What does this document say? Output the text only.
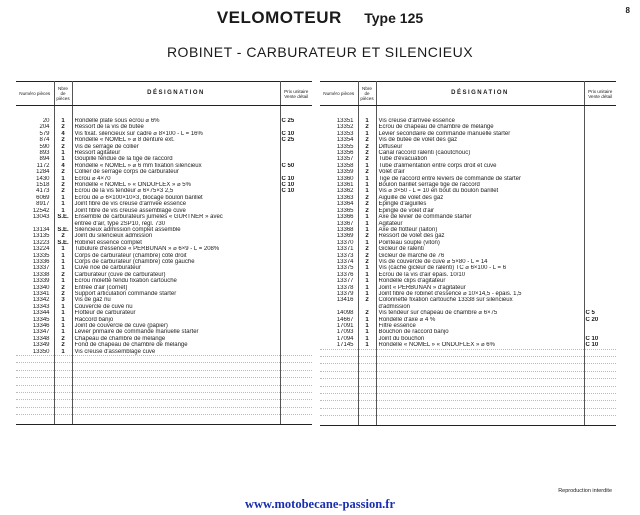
8
VELOMOTEUR Type 125
ROBINET - CARBURATEUR ET SILENCIEUX
Numéro pièces	Nbre de pièces	DÉSIGNATION	Prix unitaire Vente détail

20	1	Rondelle plate sous écrou ⌀ 6%	C 25
204	2	Ressort de la vis de butée	
579	4	Vis fixat. silencieux sur cadre ⌀ 8×100 - L = 16%	C 10
874	2	Rondelle « NOMEL » ⌀ 8 denture ext.	C 25
590	2	Vis de serrage de collier	
893	1	Ressort agitateur	
894	1	Goupille fendue de la tige de raccord	
1172	4	Rondelle « NOMEL » ⌀ 6 mm fixation silencieux	C 50
1284	2	Collier de serrage corps de carburateur	
1430	1	Ecrou ⌀ 4×70	C 10
1518	2	Rondelle « NOMEL » « ONDUFLEX » ⌀ 5%	C 10
4173	2	Ecrou de la vis tendeur ⌀ 6×75×3 2,5	C 10
6069	1	Ecrou de ⌀ 6×100×10×3, blocage boulon barillet	
8917	1	Joint fibre de vis creuse d'arrivée essence	
12542	1	Joint fibre de vis creuse assemblage cuve	
13043	S.E.	Ensemble de carburateurs jumelés « GURTNER » avec	
		entrée d'air, type 2SP10, régl. 730	
13134	S.E.	Silencieux admission complet assemblé	
13135	2	Joint du silencieux admission	
13223	S.E.	Robinet essence complet	
13224	1	Tubulure d'essence « PERBUNAN » ⌀ 6×9 - L = 208%	
13335	1	Corps de carburateur (chambre) côté droit	
13336	1	Corps de carburateur (chambre) côté gauche	
13337	1	Cuve noe de carburateur	
13338	2	Carburateur (cuve de carburateur)	
13339	1	Ecrou moletté fendu fixation cartouche	
13340	2	Entrée d'air (cornet)	
13341	2	Support articulation commande starter	
13342	3	Vis de gaz nu	
13343	1	Couvercle de cuve nu	
13344	1	Flotteur de carburateur	
13345	1	Raccord banjo	
13346	1	Joint de couvercle de cuve (papier)	
13347	1	Levier primaire de commande manuelle starter	
13348	2	Chapeau de chambre de mélange	
13349	2	Fond de chapeau de chambre de mélange	
13350	1	Vis creuse d'assemblage cuve	

Numéro pièces	Nbre de pièces	DÉSIGNATION	Prix unitaire Vente détail

13351	1	Vis creuse d'arrivée essence	
13352	2	Ecrou de chapeau de chambre de mélange	
13353	1	Levier secondaire de commande manuelle starter	
13354	2	Vis de butée de volet des gaz	
13355	2	Diffuseur	
13356	2	Canal raccord ralenti (caoutchouc)	
13357	2	Tube d'évacuation	
13358	1	Tube d'alimentation entre corps droit et cuve	
13359	2	Volet d'air	
13360	1	Tige de raccord entre leviers de commande de starter	
13361	1	Boulon barillet serrage tige de raccord	
13362	1	Vis ⌀ 3×50 - L = 10 en bout du boulon barillet	
13363	2	Aiguille de volet des gaz	
13364	2	Epingle d'aiguilles	
13365	2	Epingle de volet d'air	
13366	1	Axe de levier de commande starter	
13367	1	Agitateur	
13368	1	Axe de flotteur (laiton)	
13369	2	Ressort de volet des gaz	
13370	1	Pointeau souple (viton)	
13371	2	Gicleur de ralenti	
13373	2	Gicleur de marche de 76	
13374	2	Vis de couvercle de cuve ⌀ 5×80 - L = 14	
13375	1	Vis (cache gicleur de ralenti) TC ⌀ 6×100 - L = 6	
13376	1	Ecrou de la vis d'air épais. 10/10	
13377	1	Rondelle clips d'agitateur	
13378	1	Joint « PERBUNAN » d'agitateur	
13379	1	Joint fibre de robinet d'essence ⌀ 10×14,5 - épais. 1,5	
13416	2	Colonnette fixation cartouche 13338 sur silencieux	
		d'admission	
14098	2	Vis tendeur sur chapeau de chambre ⌀ 6×75	C 5
14667	1	Rondelle d'axe ⌀ 4 %	C 20
17091	1	Filtre essence	
17093	1	Bouchon de raccord banjo	
17094	1	Joint du bouchon	C 10
17145	1	Rondelle « NOMEL » « ONDUFLEX » ⌀ 6%	C 10

Reproduction interdite
www.motobecane-passion.fr
